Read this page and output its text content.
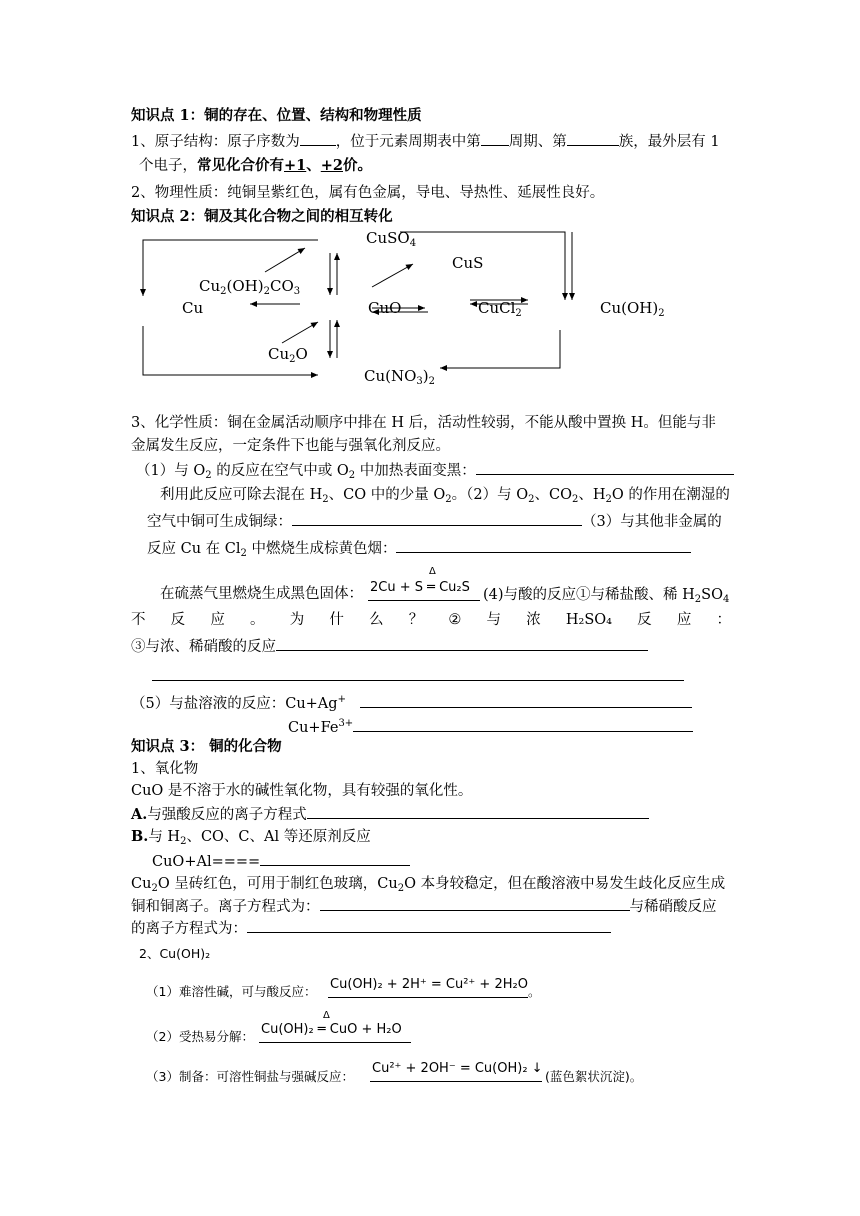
知识点 1：铜的存在、位置、结构和物理性质
1、原子结构：原子序数为 ，位于元素周期表中第 周期、第	族，最外层有 1
个电子，常见化合价有+1、+2价。
2、物理性质：纯铜呈紫红色，属有色金属，导电、导热性、延展性良好。
知识点 2：铜及其化合物之间的相互转化
CuSO$_4$
CuS
$Cu_2(OH)_2CO_3$
Cu	CuO	CuCl$_2$	$Cu(OH)_2$
$Cu_2O$
$Cu(NO_3)_2$
3、化学性质：铜在金属活动顺序中排在 H 后，活动性较弱，不能从酸中置换 H。但能与非
金属发生反应，一定条件下也能与强氧化剂反应。
（1）与 $O_2$ 的反应在空气中或 $O_2$ 中加热表面变黑：
利用此反应可除去混在 $H_2$、CO 中的少量 $O_2$。（2）与 $O_2$、$CO_2$、$H_2O$ 的作用在潮湿的
空气中铜可生成铜绿：	（3）与其他非金属的
反应 Cu 在 $Cl_2$ 中燃烧生成棕黄色烟：
在硫蒸气里燃烧生成黑色固体：
Δ
2Cu + S ═ Cu₂S (4)与酸的反应①与稀盐酸、稀 $H_2SO_4$
不 反 应 。 为 什 么 ？ ② 与 浓 H₂SO₄ 反 应 ：
③与浓、稀硝酸的反应
（5）与盐溶液的反应：Cu+Ag+
$Cu+Fe^{3+}$
知识点 3： 铜的化合物
1、氧化物
CuO 是不溶于水的碱性氧化物，具有较强的氧化性。
A.与强酸反应的离子方程式
B.与 $H_2$、CO、C、Al 等还原剂反应
CuO+Al====
$Cu_2O$ 呈砖红色，可用于制红色玻璃，$Cu_2O$ 本身较稳定，但在酸溶液中易发生歧化反应生成
铜和铜离子。离子方程式为：	与稀硝酸反应
的离子方程式为：
2、Cu(OH)₂
（1）难溶性碱，可与酸反应： Cu(OH)₂ + 2H⁺ = Cu²⁺ + 2H₂O 。
（2）受热易分解：
Δ
Cu(OH)₂ ═ CuO + H₂O
（3）制备：可溶性铜盐与强碱反应：
Cu²⁺ + 2OH⁻ = Cu(OH)₂ ↓
(蓝色絮状沉淀)。
